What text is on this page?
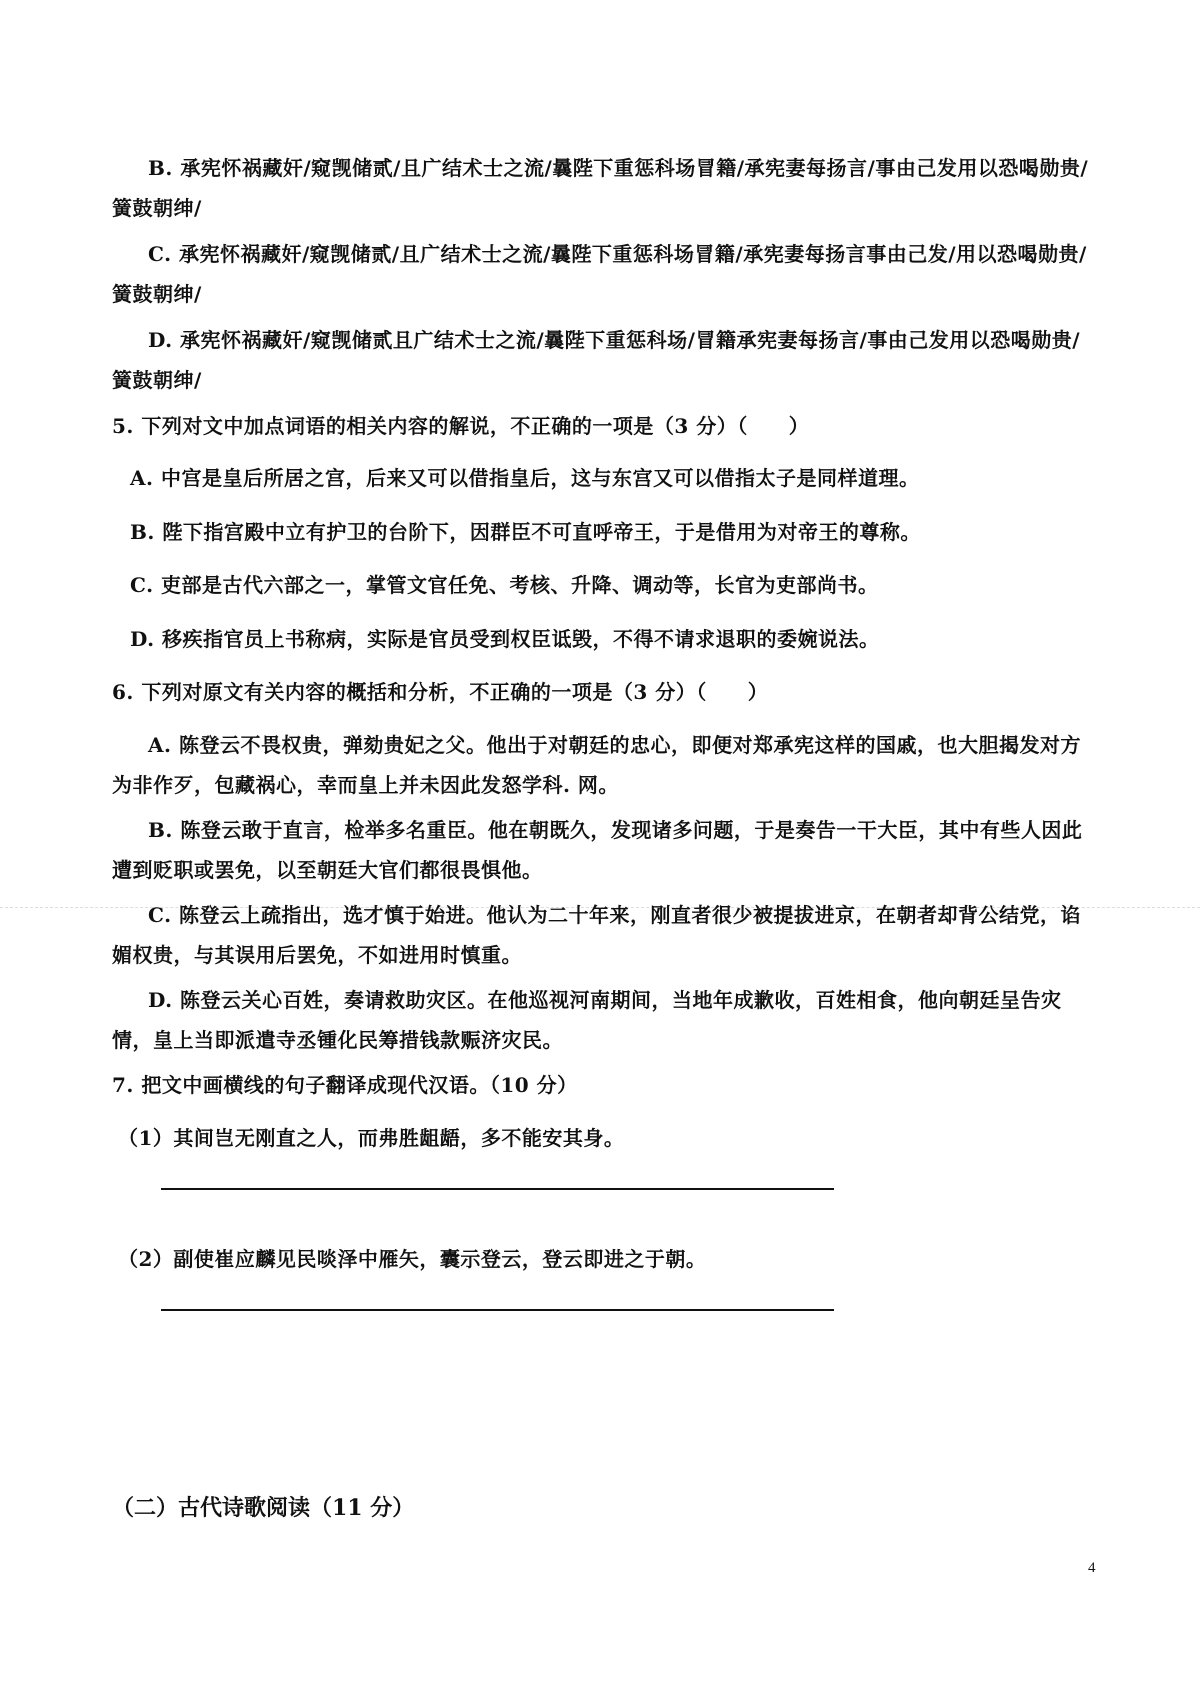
B. 承宪怀祸藏奸/窥觊储贰/且广结术士之流/曩陛下重惩科场冒籍/承宪妻每扬言/事由己发用以恐喝勋贵/簧鼓朝绅/

C. 承宪怀祸藏奸/窥觊储贰/且广结术士之流/曩陛下重惩科场冒籍/承宪妻每扬言事由己发/用以恐喝勋贵/簧鼓朝绅/

D. 承宪怀祸藏奸/窥觊储贰且广结术士之流/曩陛下重惩科场/冒籍承宪妻每扬言/事由己发用以恐喝勋贵/簧鼓朝绅/

5. 下列对文中加点词语的相关内容的解说，不正确的一项是（3 分）（　　）

A. 中宫是皇后所居之宫，后来又可以借指皇后，这与东宫又可以借指太子是同样道理。

B. 陛下指宫殿中立有护卫的台阶下，因群臣不可直呼帝王，于是借用为对帝王的尊称。

C. 吏部是古代六部之一，掌管文官任免、考核、升降、调动等，长官为吏部尚书。

D. 移疾指官员上书称病，实际是官员受到权臣诋毁，不得不请求退职的委婉说法。

6. 下列对原文有关内容的概括和分析，不正确的一项是（3 分）（　　）

A. 陈登云不畏权贵，弹劾贵妃之父。他出于对朝廷的忠心，即便对郑承宪这样的国戚，也大胆揭发对方为非作歹，包藏祸心，幸而皇上并未因此发怒学科. 网。

B. 陈登云敢于直言，检举多名重臣。他在朝既久，发现诸多问题，于是奏告一干大臣，其中有些人因此遭到贬职或罢免，以至朝廷大官们都很畏惧他。

C. 陈登云上疏指出，选才慎于始进。他认为二十年来，刚直者很少被提拔进京，在朝者却背公结党，谄媚权贵，与其误用后罢免，不如进用时慎重。

D. 陈登云关心百姓，奏请救助灾区。在他巡视河南期间，当地年成歉收，百姓相食，他向朝廷呈告灾情，皇上当即派遣寺丞锺化民筹措钱款赈济灾民。

7. 把文中画横线的句子翻译成现代汉语。（10 分）

（1）其间岂无刚直之人，而弗胜龃龉，多不能安其身。

（2）副使崔应麟见民啖泽中雁矢，囊示登云，登云即进之于朝。

（二）古代诗歌阅读（11 分）
4
